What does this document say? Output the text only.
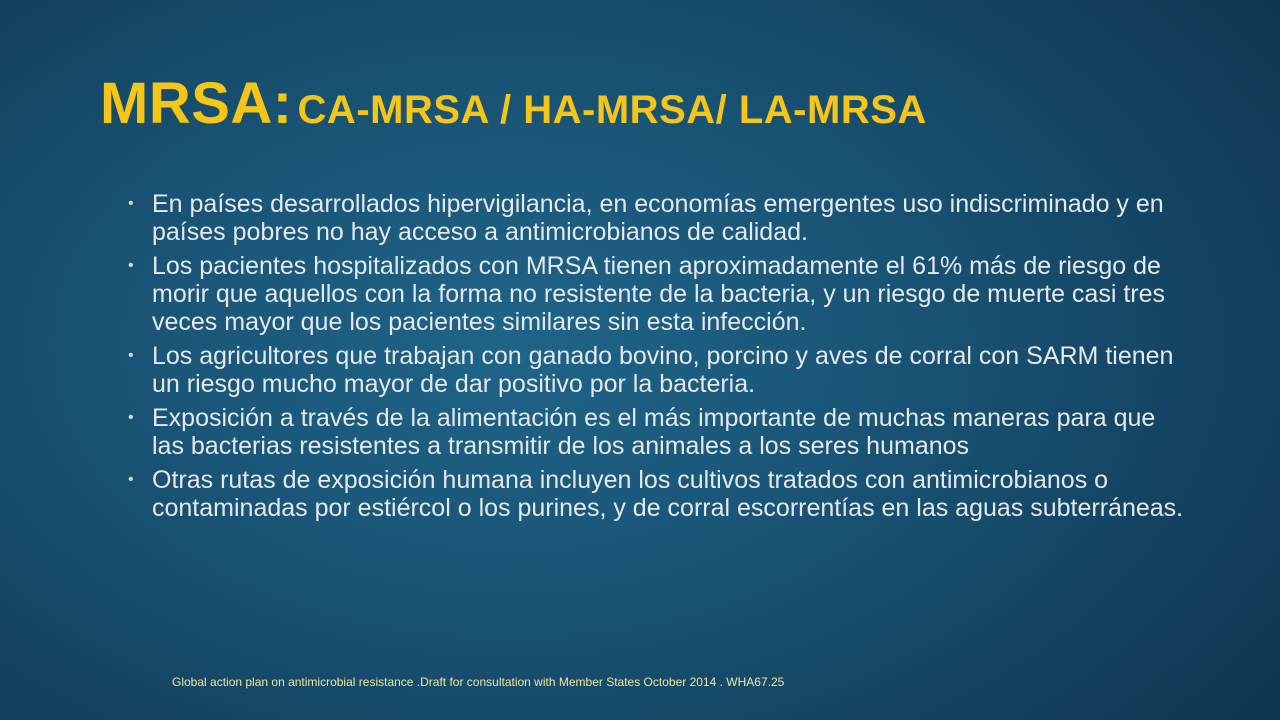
MRSA: CA-MRSA / HA-MRSA/ LA-MRSA
• En países desarrollados hipervigilancia, en economías emergentes uso indiscriminado y en países pobres no hay acceso a antimicrobianos de calidad.
• Los pacientes hospitalizados con MRSA tienen aproximadamente el 61% más de riesgo de morir que aquellos con la forma no resistente de la bacteria, y un riesgo de muerte casi tres veces mayor que los pacientes similares sin esta infección.
• Los agricultores que trabajan con ganado bovino, porcino y aves de corral con SARM tienen un riesgo mucho mayor de dar positivo por la bacteria.
• Exposición a través de la alimentación es el más importante de muchas maneras para que las bacterias resistentes a transmitir de los animales a los seres humanos
• Otras rutas de exposición humana incluyen los cultivos tratados con antimicrobianos o contaminadas por estiércol o los purines, y de corral escorrentías en las aguas subterráneas.
Global action plan on antimicrobial resistance .Draft for consultation with Member States October 2014 . WHA67.25
